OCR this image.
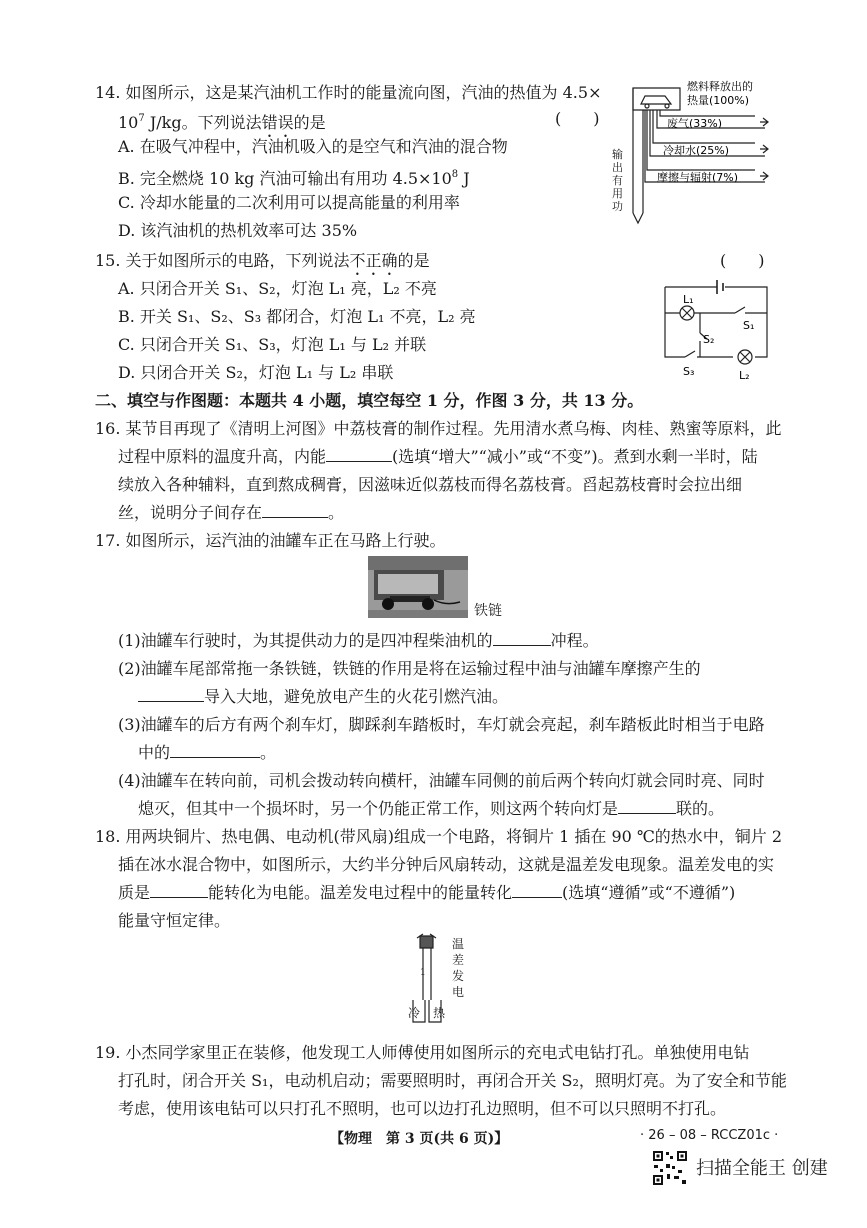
14. 如图所示，这是某汽油机工作时的能量流向图，汽油的热值为 4.5×
$10^7$ J/kg。下列说法错误的是	(　　)
A. 在吸气冲程中，汽油机吸入的是空气和汽油的混合物
B. 完全燃烧 10 kg 汽油可输出有用功 $4.5\times 10^8$ J
C. 冷却水能量的二次利用可以提高能量的利用率
D. 该汽油机的热机效率可达 35%
燃料释放出的
热量(100%)
废气(33%)
冷却水(25%)
摩擦与辐射(7%)
输出有用功
15. 关于如图所示的电路，下列说法不正确的是	(　　)
A. 只闭合开关 S₁、S₂，灯泡 L₁ 亮，L₂ 不亮
B. 开关 S₁、S₂、S₃ 都闭合，灯泡 L₁ 不亮，L₂ 亮
C. 只闭合开关 S₁、S₃，灯泡 L₁ 与 L₂ 并联
D. 只闭合开关 S₂，灯泡 L₁ 与 L₂ 串联
L₁
S₁
S₂
S₃	L₂
二、填空与作图题：本题共 4 小题，填空每空 1 分，作图 3 分，共 13 分。
16. 某节目再现了《清明上河图》中荔枝膏的制作过程。先用清水煮乌梅、肉桂、熟蜜等原料，此
过程中原料的温度升高，内能	(选填“增大”“减小”或“不变”)。煮到水剩一半时，陆
续放入各种辅料，直到熬成稠膏，因滋味近似荔枝而得名荔枝膏。舀起荔枝膏时会拉出细
丝，说明分子间存在	。
17. 如图所示，运汽油的油罐车正在马路上行驶。
铁链
(1)油罐车行驶时，为其提供动力的是四冲程柴油机的	冲程。
(2)油罐车尾部常拖一条铁链，铁链的作用是将在运输过程中油与油罐车摩擦产生的
导入大地，避免放电产生的火花引燃汽油。
(3)油罐车的后方有两个刹车灯，脚踩刹车踏板时，车灯就会亮起，刹车踏板此时相当于电路
中的	。
(4)油罐车在转向前，司机会拨动转向横杆，油罐车同侧的前后两个转向灯就会同时亮、同时
熄灭，但其中一个损坏时，另一个仍能正常工作，则这两个转向灯是	联的。
18. 用两块铜片、热电偶、电动机(带风扇)组成一个电路，将铜片 1 插在 90 ℃的热水中，铜片 2
插在冰水混合物中，如图所示，大约半分钟后风扇转动，这就是温差发电现象。温差发电的实
质是	能转化为电能。温差发电过程中的能量转化	(选填“遵循”或“不遵循”)
能量守恒定律。
温差发电
冷 热
1
19. 小杰同学家里正在装修，他发现工人师傅使用如图所示的充电式电钻打孔。单独使用电钻
打孔时，闭合开关 S₁，电动机启动；需要照明时，再闭合开关 S₂，照明灯亮。为了安全和节能
考虑，使用该电钻可以只打孔不照明，也可以边打孔边照明，但不可以只照明不打孔。
【物理　第 3 页(共 6 页)】	· 26 – 08 – RCCZ01c ·
扫描全能王 创建
